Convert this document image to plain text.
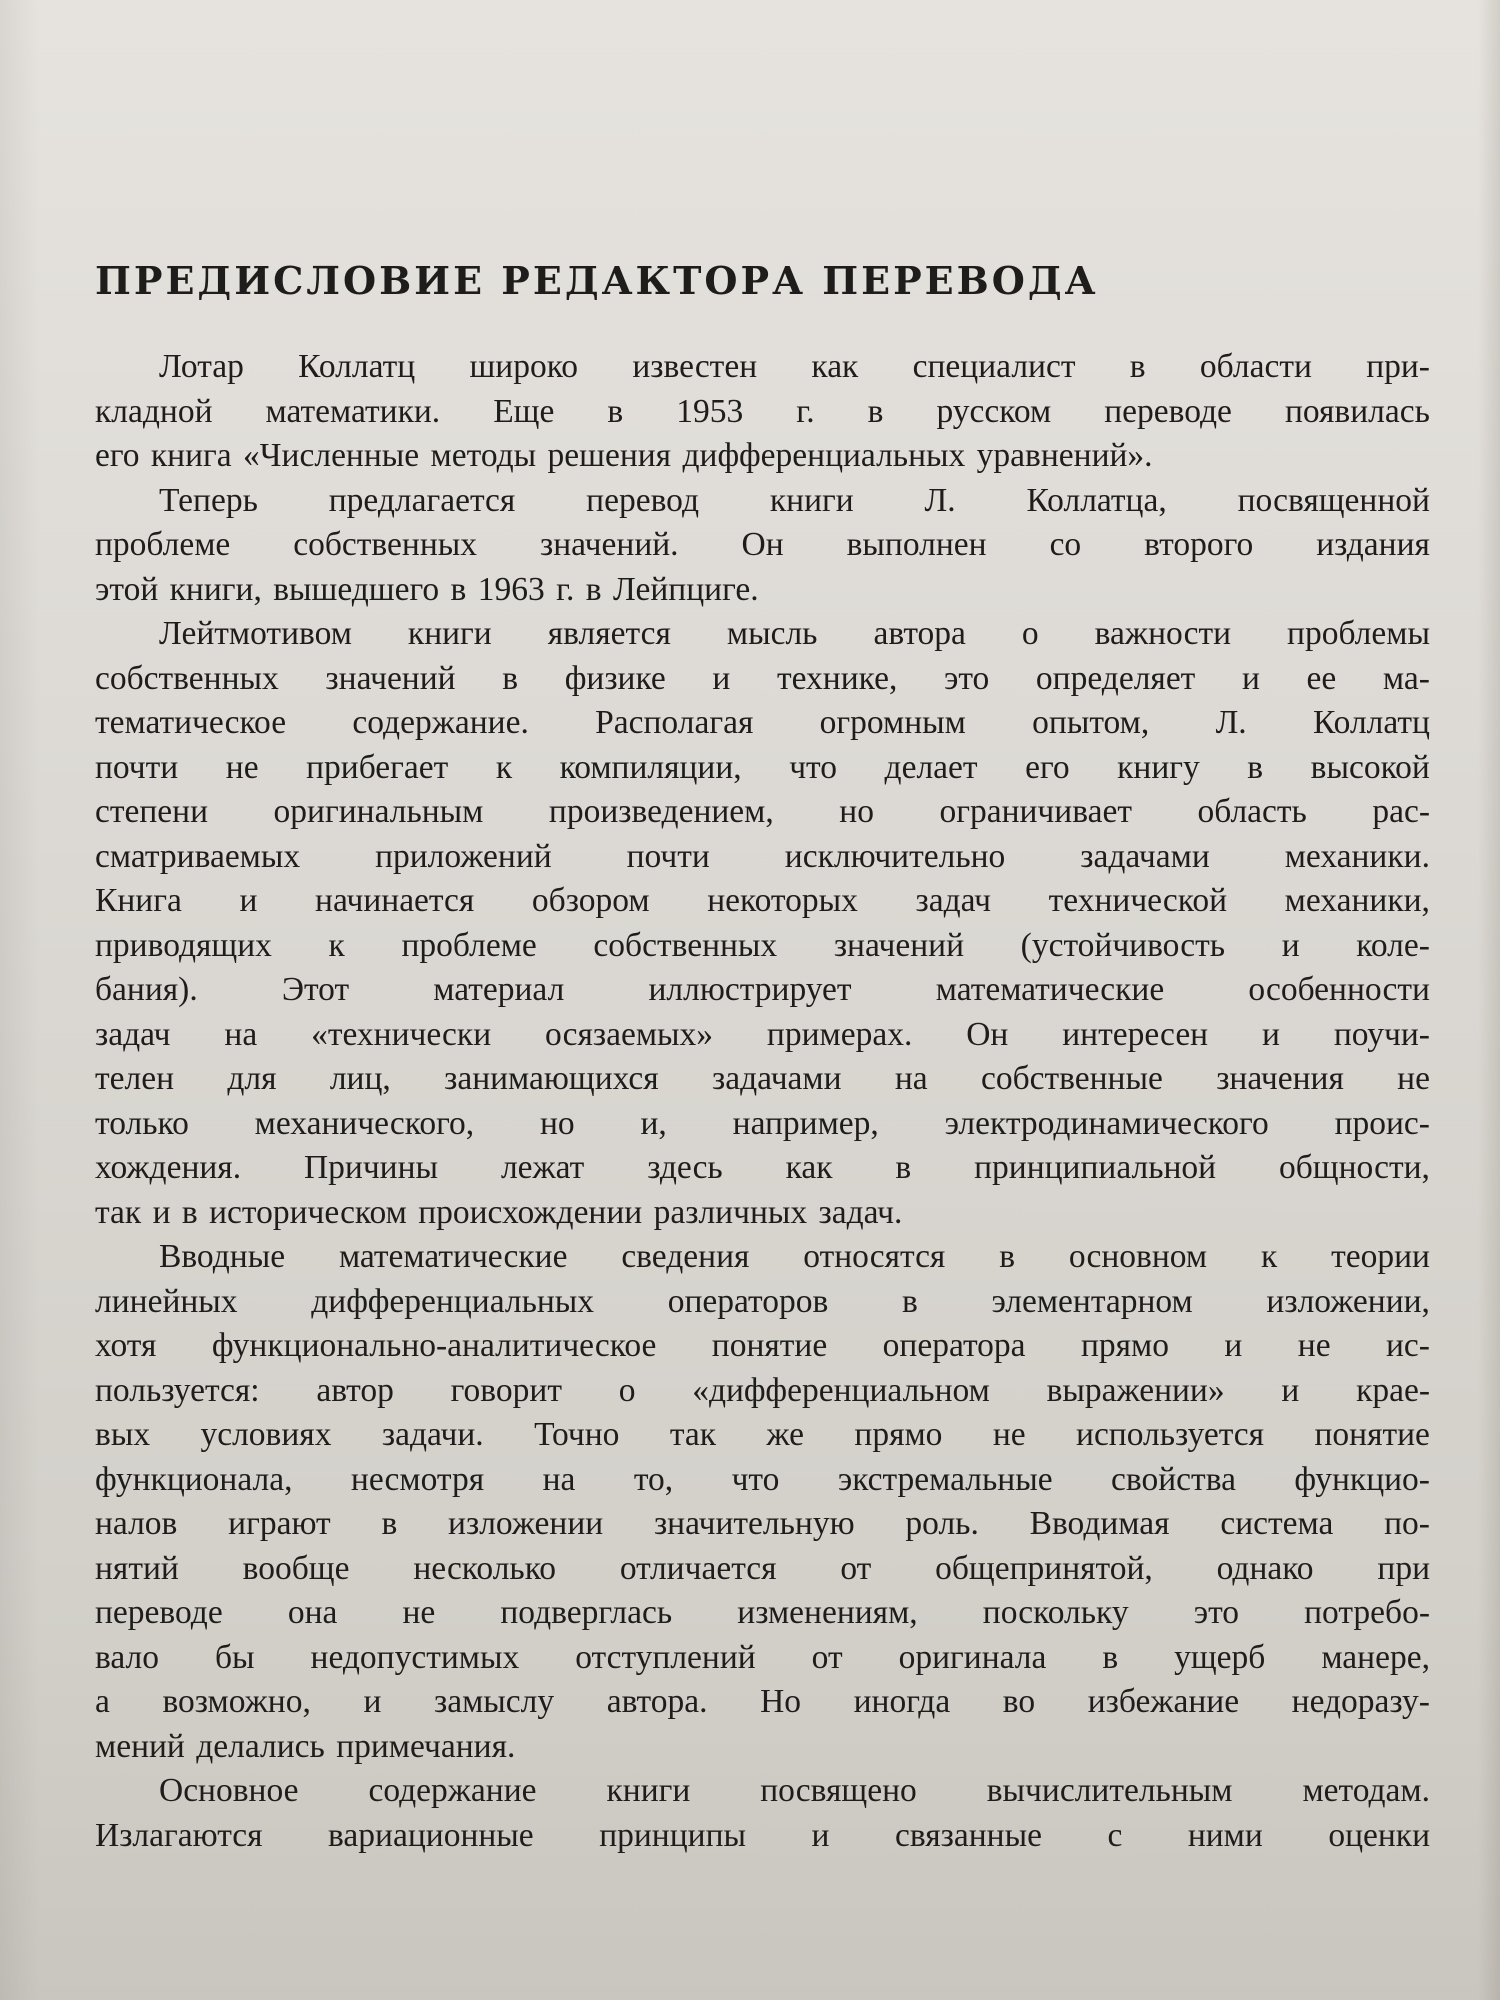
ПРЕДИСЛОВИЕ РЕДАКТОРА ПЕРЕВОДА
Лотар Коллатц широко известен как специалист в области при-
кладной математики. Еще в 1953 г. в русском переводе появилась
его книга «Численные методы решения дифференциальных уравнений».
Теперь предлагается перевод книги Л. Коллатца, посвященной
проблеме собственных значений. Он выполнен со второго издания
этой книги, вышедшего в 1963 г. в Лейпциге.
Лейтмотивом книги является мысль автора о важности проблемы
собственных значений в физике и технике, это определяет и ее ма-
тематическое содержание. Располагая огромным опытом, Л. Коллатц
почти не прибегает к компиляции, что делает его книгу в высокой
степени оригинальным произведением, но ограничивает область рас-
сматриваемых приложений почти исключительно задачами механики.
Книга и начинается обзором некоторых задач технической механики,
приводящих к проблеме собственных значений (устойчивость и коле-
бания).	Этот	материал	иллюстрирует	математические	особенности
задач на «технически осязаемых» примерах. Он интересен и поучи-
телен для лиц, занимающихся задачами на собственные значения не
только механического, но и, например, электродинамического проис-
хождения. Причины лежат здесь как в принципиальной общности,
так и в историческом происхождении различных задач.
Вводные математические сведения относятся в основном к теории
линейных дифференциальных операторов в элементарном изложении,
хотя функционально-аналитическое понятие оператора прямо и не ис-
пользуется: автор говорит о «дифференциальном выражении» и крае-
вых условиях задачи. Точно так же прямо не используется понятие
функционала, несмотря на то, что экстремальные свойства функцио-
налов играют в изложении значительную роль. Вводимая система по-
нятий вообще несколько отличается от общепринятой, однако при
переводе она не подверглась изменениям, поскольку это потребо-
вало бы недопустимых отступлений от оригинала в ущерб манере,
а возможно, и замыслу автора. Но иногда во избежание недоразу-
мений делались примечания.
Основное содержание книги посвящено вычислительным методам.
Излагаются вариационные принципы и связанные с ними оценки
